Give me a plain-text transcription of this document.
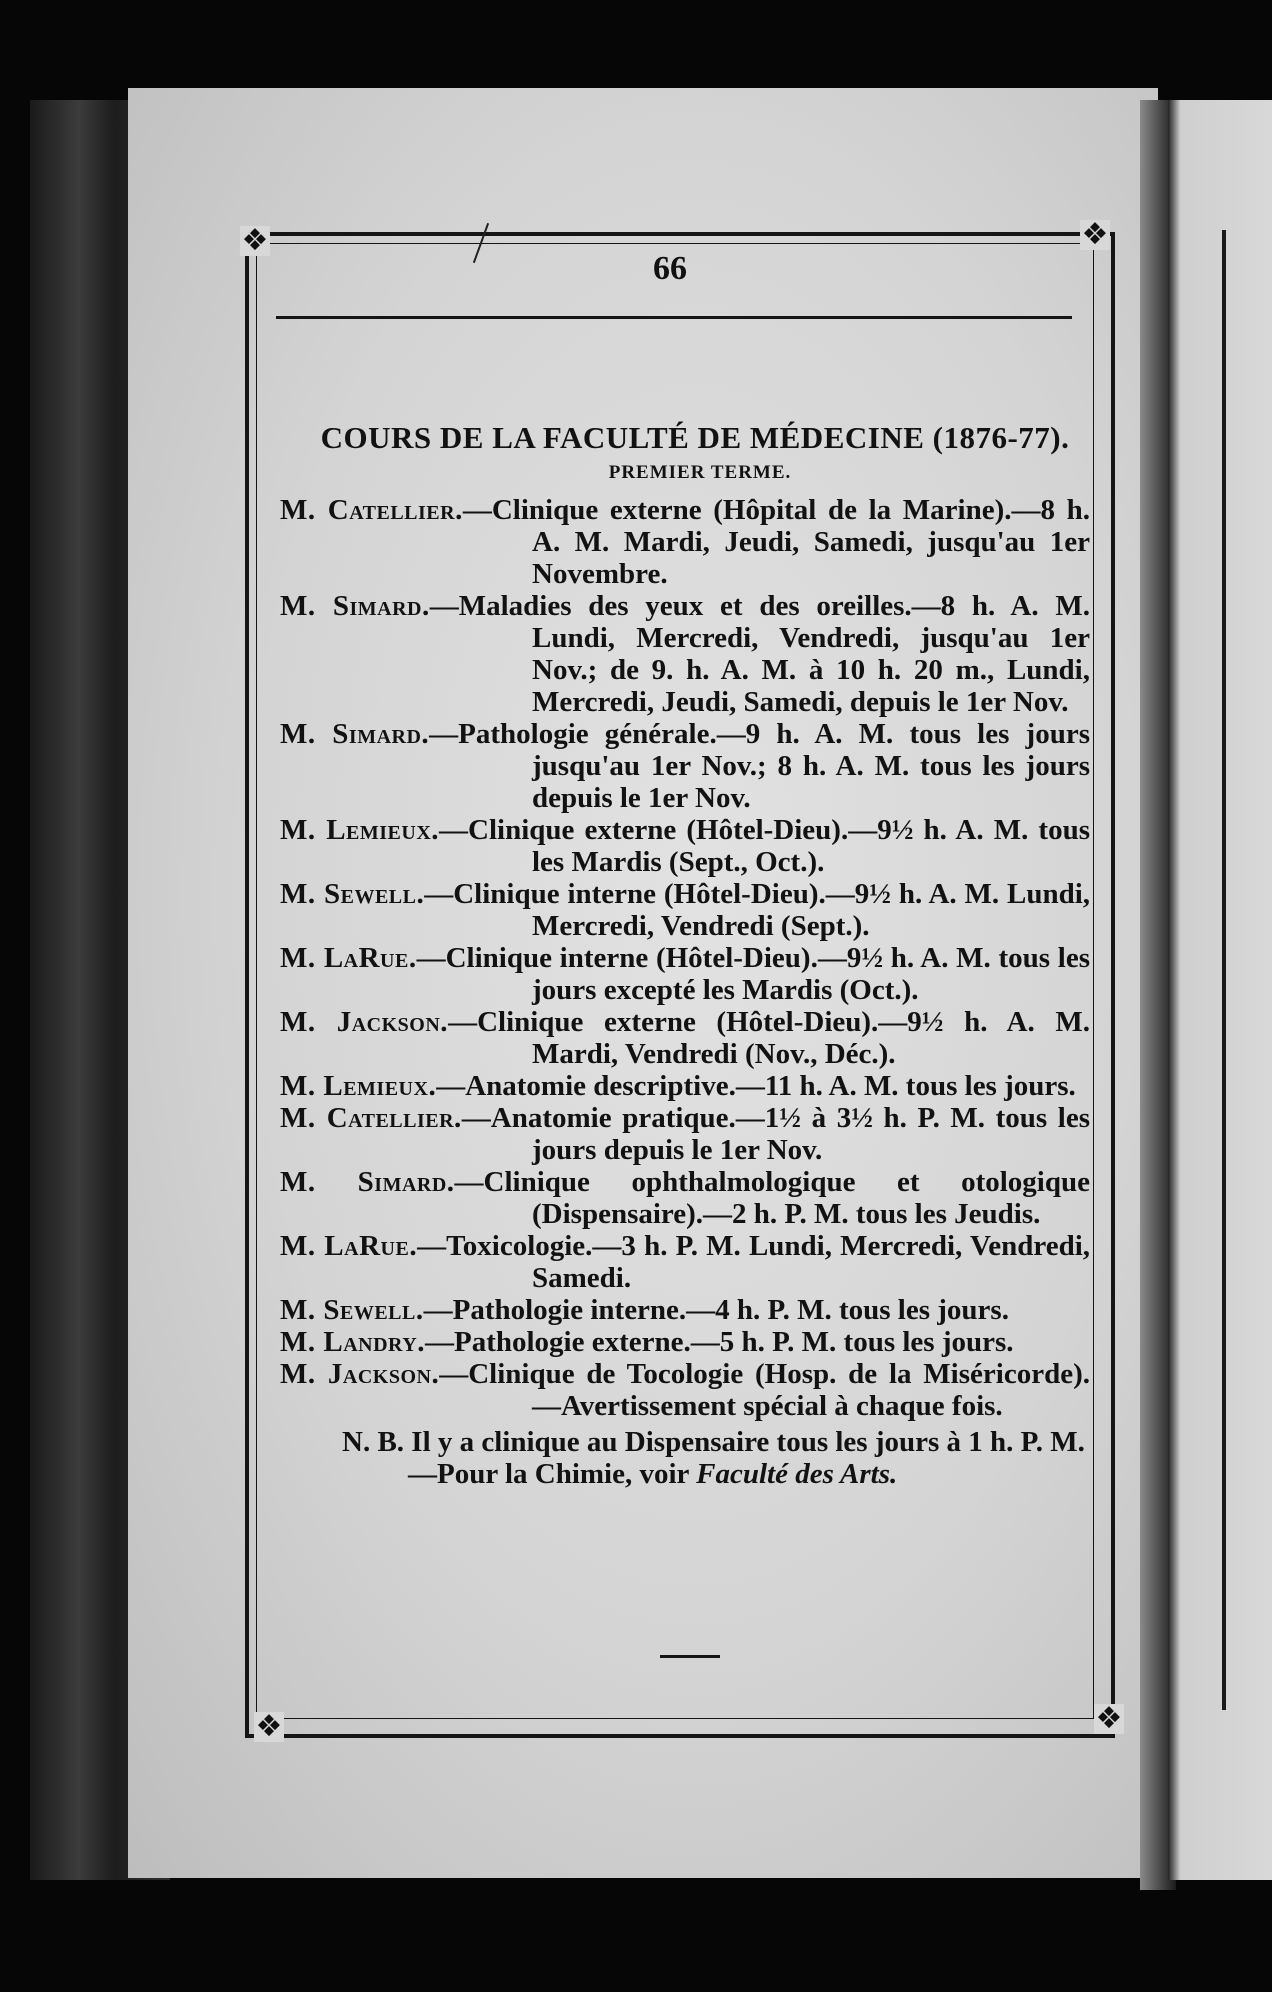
❖	❖
❖	❖
66
COURS DE LA FACULTÉ DE MÉDECINE (1876-77).
PREMIER TERME.
M. Catellier.—Clinique externe (Hôpital de la Marine).—8 h. A. M. Mardi, Jeudi, Samedi, jusqu'au 1er Novembre.
M. Simard.—Maladies des yeux et des oreilles.—8 h. A. M. Lundi, Mercredi, Vendredi, jusqu'au 1er Nov.; de 9. h. A. M. à 10 h. 20 m., Lundi, Mercredi, Jeudi, Samedi, depuis le 1er Nov.
M. Simard.—Pathologie générale.—9 h. A. M. tous les jours jusqu'au 1er Nov.; 8 h. A. M. tous les jours depuis le 1er Nov.
M. Lemieux.—Clinique externe (Hôtel-Dieu).—9½ h. A. M. tous les Mardis (Sept., Oct.).
M. Sewell.—Clinique interne (Hôtel-Dieu).—9½ h. A. M. Lundi, Mercredi, Vendredi (Sept.).
M. LaRue.—Clinique interne (Hôtel-Dieu).—9½ h. A. M. tous les jours excepté les Mardis (Oct.).
M. Jackson.—Clinique externe (Hôtel-Dieu).—9½ h. A. M. Mardi, Vendredi (Nov., Déc.).
M. Lemieux.—Anatomie descriptive.—11 h. A. M. tous les jours.
M. Catellier.—Anatomie pratique.—1½ à 3½ h. P. M. tous les jours depuis le 1er Nov.
M. Simard.—Clinique ophthalmologique et otologique (Dispensaire).—2 h. P. M. tous les Jeudis.
M. LaRue.—Toxicologie.—3 h. P. M. Lundi, Mercredi, Vendredi, Samedi.
M. Sewell.—Pathologie interne.—4 h. P. M. tous les jours.
M. Landry.—Pathologie externe.—5 h. P. M. tous les jours.
M. Jackson.—Clinique de Tocologie (Hosp. de la Miséricorde). —Avertissement spécial à chaque fois.

N. B. Il y a clinique au Dispensaire tous les jours à 1 h. P. M.—Pour la Chimie, voir Faculté des Arts.
